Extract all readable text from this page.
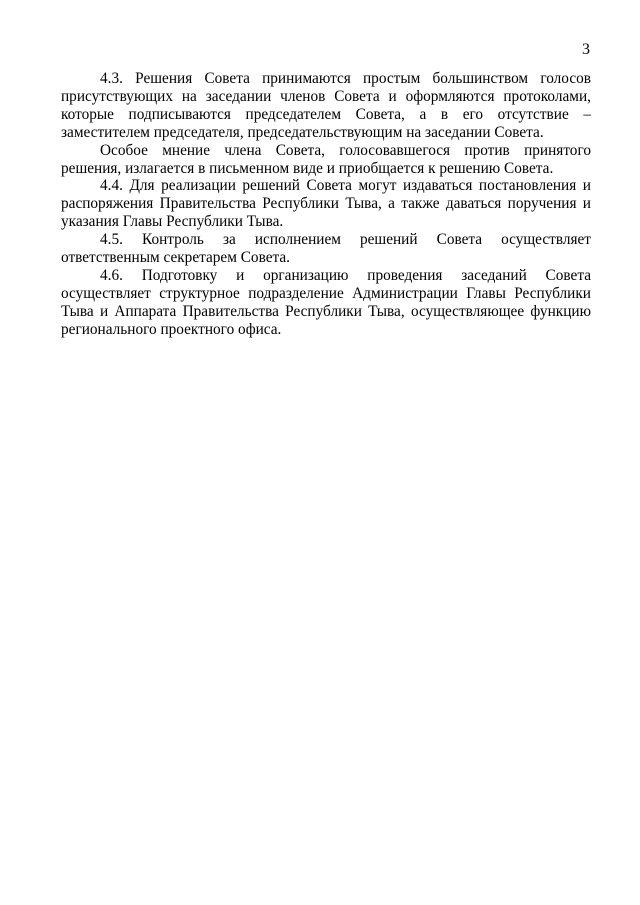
3

4.3. Решения Совета принимаются простым большинством голосов присутствующих на заседании членов Совета и оформляются протоколами, которые подписываются председателем Совета, а в его отсутствие – заместителем председателя, председательствующим на заседании Совета.

Особое мнение члена Совета, голосовавшегося против принятого решения, излагается в письменном виде и приобщается к решению Совета.

4.4. Для реализации решений Совета могут издаваться постановления и распоряжения Правительства Республики Тыва, а также даваться поручения и указания Главы Республики Тыва.

4.5. Контроль за исполнением решений Совета осуществляет ответственным секретарем Совета.

4.6. Подготовку и организацию проведения заседаний Совета осуществляет структурное подразделение Администрации Главы Республики Тыва и Аппарата Правительства Республики Тыва, осуществляющее функцию регионального проектного офиса.
